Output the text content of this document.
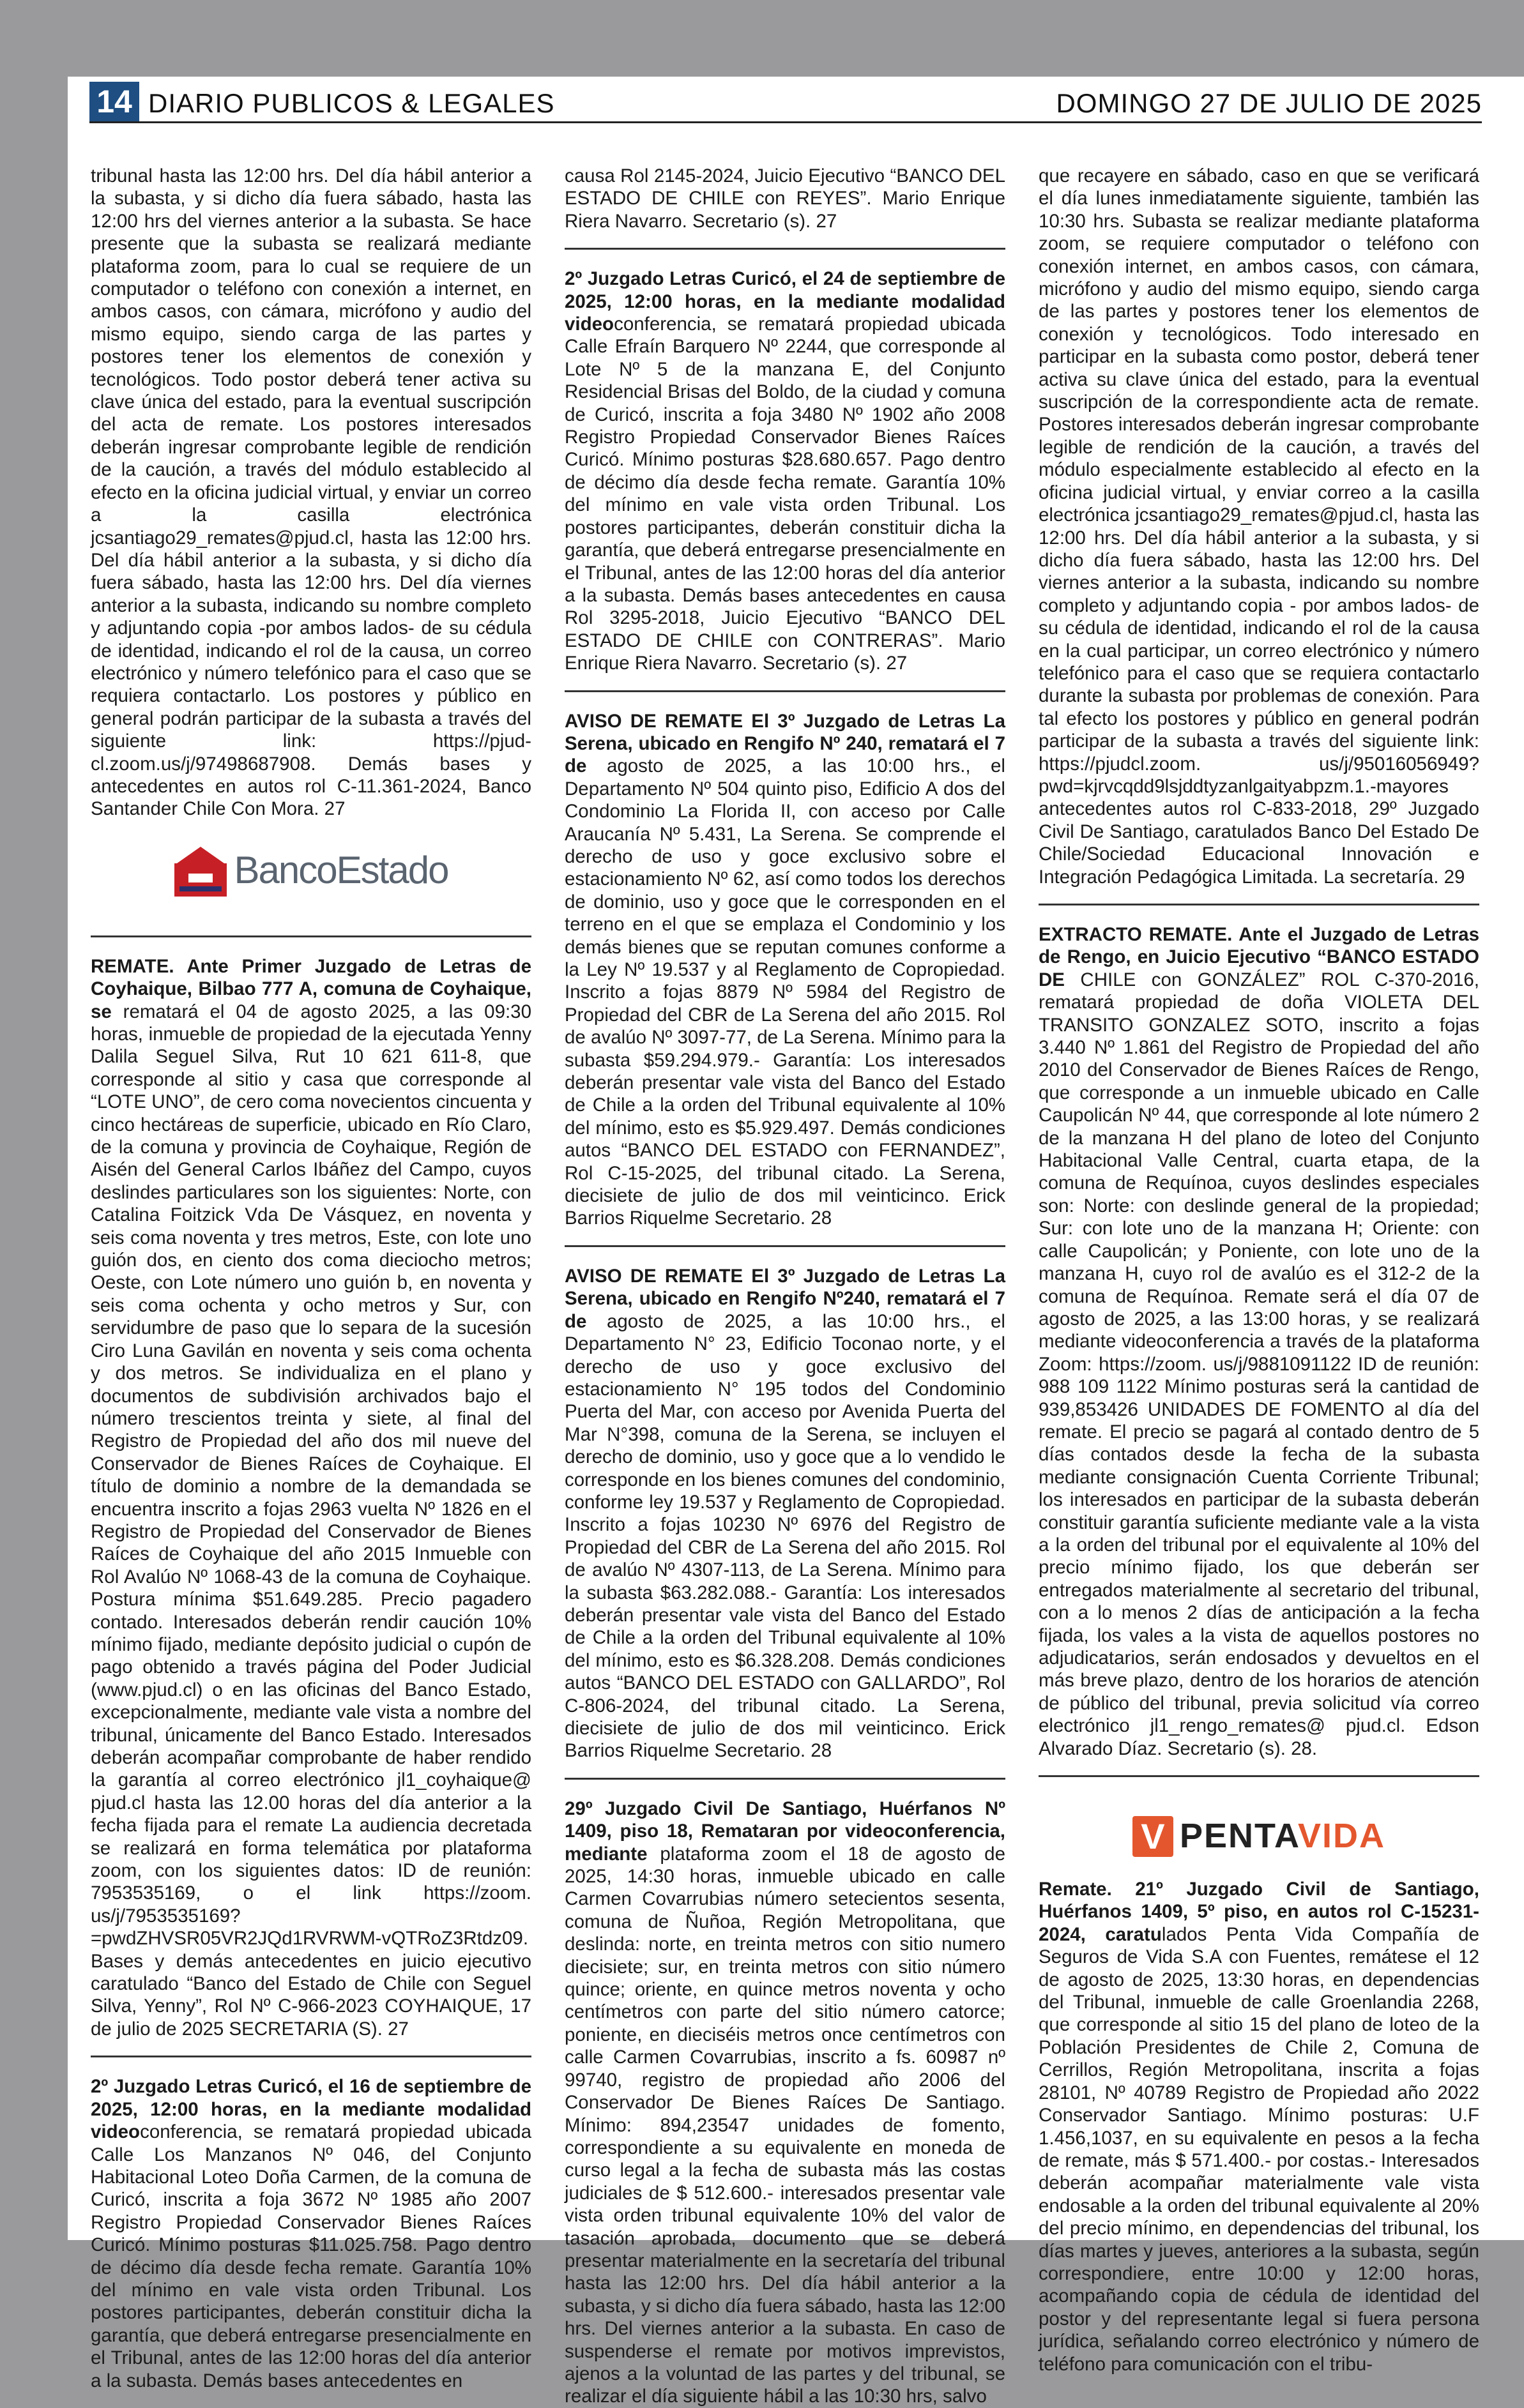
14 DIARIO PUBLICOS & LEGALES	DOMINGO 27 DE JULIO DE 2025

tribunal hasta las 12:00 hrs. Del día hábil anterior a la subasta, y si dicho día fuera sábado, hasta las 12:00 hrs del viernes anterior a la subasta. Se hace presente que la subasta se realizará mediante plataforma zoom, para lo cual se requiere de un computador o teléfono con conexión a internet, en ambos casos, con cámara, micrófono y audio del mismo equipo, siendo carga de las partes y postores tener los elementos de conexión y tecnológicos. Todo postor deberá tener activa su clave única del estado, para la eventual suscripción del acta de remate. Los postores interesados deberán ingresar comprobante legible de rendición de la caución, a través del módulo establecido al efecto en la oficina judicial virtual, y enviar un correo a la casilla electrónica jcsantiago29_remates@pjud.cl, hasta las 12:00 hrs. Del día hábil anterior a la subasta, y si dicho día fuera sábado, hasta las 12:00 hrs. Del día viernes anterior a la subasta, indicando su nombre completo y adjuntando copia -por ambos lados- de su cédula de identidad, indicando el rol de la causa, un correo electrónico y número telefónico para el caso que se requiera contactarlo. Los postores y público en general podrán participar de la subasta a través del siguiente link: https://pjud-cl.zoom.us/j/97498687908. Demás bases y antecedentes en autos rol C-11.361-2024, Banco Santander Chile Con Mora. 27

BancoEstado

REMATE. Ante Primer Juzgado de Letras de Coyhaique, Bilbao 777 A, comuna de Coyhaique, se rematará el 04 de agosto 2025, a las 09:30 horas, inmueble de propiedad de la ejecutada Yenny Dalila Seguel Silva, Rut 10 621 611-8, que corresponde al sitio y casa que corresponde al “LOTE UNO”, de cero coma novecientos cincuenta y cinco hectáreas de superficie, ubicado en Río Claro, de la comuna y provincia de Coyhaique, Región de Aisén del General Carlos Ibáñez del Campo, cuyos deslindes particulares son los siguientes: Norte, con Catalina Foitzick Vda De Vásquez, en noventa y seis coma noventa y tres metros, Este, con lote uno guión dos, en ciento dos coma dieciocho metros; Oeste, con Lote número uno guión b, en noventa y seis coma ochenta y ocho metros y Sur, con servidumbre de paso que lo separa de la sucesión Ciro Luna Gavilán en noventa y seis coma ochenta y dos metros. Se individualiza en el plano y documentos de subdivisión archivados bajo el número trescientos treinta y siete, al final del Registro de Propiedad del año dos mil nueve del Conservador de Bienes Raíces de Coyhaique. El título de dominio a nombre de la demandada se encuentra inscrito a fojas 2963 vuelta Nº 1826 en el Registro de Propiedad del Conservador de Bienes Raíces de Coyhaique del año 2015 Inmueble con Rol Avalúo Nº 1068-43 de la comuna de Coyhaique. Postura mínima $51.649.285. Precio pagadero contado. Interesados deberán rendir caución 10% mínimo fijado, mediante depósito judicial o cupón de pago obtenido a través página del Poder Judicial (www.pjud.cl) o en las oficinas del Banco Estado, excepcionalmente, mediante vale vista a nombre del tribunal, únicamente del Banco Estado. Interesados deberán acompañar comprobante de haber rendido la garantía al correo electrónico jl1_coyhaique@ pjud.cl hasta las 12.00 horas del día anterior a la fecha fijada para el remate La audiencia decretada se realizará en forma telemática por plataforma zoom, con los siguientes datos: ID de reunión: 7953535169, o el link https://zoom. us/j/7953535169?=pwdZHVSR05VR2JQd1RVRWM-vQTRoZ3Rtdz09. Bases y demás antecedentes en juicio ejecutivo caratulado “Banco del Estado de Chile con Seguel Silva, Yenny”, Rol Nº C-966-2023 COYHAIQUE, 17 de julio de 2025 SECRETARIA (S). 27

2º Juzgado Letras Curicó, el 16 de septiembre de 2025, 12:00 horas, en la mediante modalidad videoconferencia, se rematará propiedad ubicada Calle Los Manzanos Nº 046, del Conjunto Habitacional Loteo Doña Carmen, de la comuna de Curicó, inscrita a foja 3672 Nº 1985 año 2007 Registro Propiedad Conservador Bienes Raíces Curicó. Mínimo posturas $11.025.758. Pago dentro de décimo día desde fecha remate. Garantía 10% del mínimo en vale vista orden Tribunal. Los postores participantes, deberán constituir dicha la garantía, que deberá entregarse presencialmente en el Tribunal, antes de las 12:00 horas del día anterior a la subasta. Demás bases antecedentes en

causa Rol 2145-2024, Juicio Ejecutivo “BANCO DEL ESTADO DE CHILE con REYES”. Mario Enrique Riera Navarro. Secretario (s). 27

2º Juzgado Letras Curicó, el 24 de septiembre de 2025, 12:00 horas, en la mediante modalidad videoconferencia, se rematará propiedad ubicada Calle Efraín Barquero Nº 2244, que corresponde al Lote Nº 5 de la manzana E, del Conjunto Residencial Brisas del Boldo, de la ciudad y comuna de Curicó, inscrita a foja 3480 Nº 1902 año 2008 Registro Propiedad Conservador Bienes Raíces Curicó. Mínimo posturas $28.680.657. Pago dentro de décimo día desde fecha remate. Garantía 10% del mínimo en vale vista orden Tribunal. Los postores participantes, deberán constituir dicha la garantía, que deberá entregarse presencialmente en el Tribunal, antes de las 12:00 horas del día anterior a la subasta. Demás bases antecedentes en causa Rol 3295-2018, Juicio Ejecutivo “BANCO DEL ESTADO DE CHILE con CONTRERAS”. Mario Enrique Riera Navarro. Secretario (s). 27

AVISO DE REMATE El 3º Juzgado de Letras La Serena, ubicado en Rengifo Nº 240, rematará el 7 de agosto de 2025, a las 10:00 hrs., el Departamento Nº 504 quinto piso, Edificio A dos del Condominio La Florida II, con acceso por Calle Araucanía Nº 5.431, La Serena. Se comprende el derecho de uso y goce exclusivo sobre el estacionamiento Nº 62, así como todos los derechos de dominio, uso y goce que le corresponden en el terreno en el que se emplaza el Condominio y los demás bienes que se reputan comunes conforme a la Ley Nº 19.537 y al Reglamento de Copropiedad. Inscrito a fojas 8879 Nº 5984 del Registro de Propiedad del CBR de La Serena del año 2015. Rol de avalúo Nº 3097-77, de La Serena. Mínimo para la subasta $59.294.979.- Garantía: Los interesados deberán presentar vale vista del Banco del Estado de Chile a la orden del Tribunal equivalente al 10% del mínimo, esto es $5.929.497. Demás condiciones autos “BANCO DEL ESTADO con FERNANDEZ”, Rol C-15-2025, del tribunal citado. La Serena, diecisiete de julio de dos mil veinticinco. Erick Barrios Riquelme Secretario. 28

AVISO DE REMATE El 3º Juzgado de Letras La Serena, ubicado en Rengifo Nº240, rematará el 7 de agosto de 2025, a las 10:00 hrs., el Departamento N° 23, Edificio Toconao norte, y el derecho de uso y goce exclusivo del estacionamiento N° 195 todos del Condominio Puerta del Mar, con acceso por Avenida Puerta del Mar N°398, comuna de la Serena, se incluyen el derecho de dominio, uso y goce que a lo vendido le corresponde en los bienes comunes del condominio, conforme ley 19.537 y Reglamento de Copropiedad. Inscrito a fojas 10230 Nº 6976 del Registro de Propiedad del CBR de La Serena del año 2015. Rol de avalúo Nº 4307-113, de La Serena. Mínimo para la subasta $63.282.088.- Garantía: Los interesados deberán presentar vale vista del Banco del Estado de Chile a la orden del Tribunal equivalente al 10% del mínimo, esto es $6.328.208. Demás condiciones autos “BANCO DEL ESTADO con GALLARDO”, Rol C-806-2024, del tribunal citado. La Serena, diecisiete de julio de dos mil veinticinco. Erick Barrios Riquelme Secretario. 28

29º Juzgado Civil De Santiago, Huérfanos Nº 1409, piso 18, Remataran por videoconferencia, mediante plataforma zoom el 18 de agosto de 2025, 14:30 horas, inmueble ubicado en calle Carmen Covarrubias número setecientos sesenta, comuna de Ñuñoa, Región Metropolitana, que deslinda: norte, en treinta metros con sitio numero diecisiete; sur, en treinta metros con sitio número quince; oriente, en quince metros noventa y ocho centímetros con parte del sitio número catorce; poniente, en dieciséis metros once centímetros con calle Carmen Covarrubias, inscrito a fs. 60987 nº 99740, registro de propiedad año 2006 del Conservador De Bienes Raíces De Santiago. Mínimo: 894,23547 unidades de fomento, correspondiente a su equivalente en moneda de curso legal a la fecha de subasta más las costas judiciales de $ 512.600.- interesados presentar vale vista orden tribunal equivalente 10% del valor de tasación aprobada, documento que se deberá presentar materialmente en la secretaría del tribunal hasta las 12:00 hrs. Del día hábil anterior a la subasta, y si dicho día fuera sábado, hasta las 12:00 hrs. Del viernes anterior a la subasta. En caso de suspenderse el remate por motivos imprevistos, ajenos a la voluntad de las partes y del tribunal, se realizar el día siguiente hábil a las 10:30 hrs, salvo

que recayere en sábado, caso en que se verificará el día lunes inmediatamente siguiente, también las 10:30 hrs. Subasta se realizar mediante plataforma zoom, se requiere computador o teléfono con conexión internet, en ambos casos, con cámara, micrófono y audio del mismo equipo, siendo carga de las partes y postores tener los elementos de conexión y tecnológicos. Todo interesado en participar en la subasta como postor, deberá tener activa su clave única del estado, para la eventual suscripción de la correspondiente acta de remate. Postores interesados deberán ingresar comprobante legible de rendición de la caución, a través del módulo especialmente establecido al efecto en la oficina judicial virtual, y enviar correo a la casilla electrónica jcsantiago29_remates@pjud.cl, hasta las 12:00 hrs. Del día hábil anterior a la subasta, y si dicho día fuera sábado, hasta las 12:00 hrs. Del viernes anterior a la subasta, indicando su nombre completo y adjuntando copia - por ambos lados- de su cédula de identidad, indicando el rol de la causa en la cual participar, un correo electrónico y número telefónico para el caso que se requiera contactarlo durante la subasta por problemas de conexión. Para tal efecto los postores y público en general podrán participar de la subasta a través del siguiente link: https://pjudcl.zoom. us/j/95016056949?pwd=kjrvcqdd9lsjddtyzanlgaityabpzm.1.-mayores antecedentes autos rol C-833-2018, 29º Juzgado Civil De Santiago, caratulados Banco Del Estado De Chile/Sociedad Educacional Innovación e Integración Pedagógica Limitada. La secretaría. 29

EXTRACTO REMATE. Ante el Juzgado de Letras de Rengo, en Juicio Ejecutivo “BANCO ESTADO DE CHILE con GONZÁLEZ” ROL C-370-2016, rematará propiedad de doña VIOLETA DEL TRANSITO GONZALEZ SOTO, inscrito a fojas 3.440 Nº 1.861 del Registro de Propiedad del año 2010 del Conservador de Bienes Raíces de Rengo, que corresponde a un inmueble ubicado en Calle Caupolicán Nº 44, que corresponde al lote número 2 de la manzana H del plano de loteo del Conjunto Habitacional Valle Central, cuarta etapa, de la comuna de Requínoa, cuyos deslindes especiales son: Norte: con deslinde general de la propiedad; Sur: con lote uno de la manzana H; Oriente: con calle Caupolicán; y Poniente, con lote uno de la manzana H, cuyo rol de avalúo es el 312-2 de la comuna de Requínoa. Remate será el día 07 de agosto de 2025, a las 13:00 horas, y se realizará mediante videoconferencia a través de la plataforma Zoom: https://zoom. us/j/9881091122 ID de reunión: 988 109 1122 Mínimo posturas será la cantidad de 939,853426 UNIDADES DE FOMENTO al día del remate. El precio se pagará al contado dentro de 5 días contados desde la fecha de la subasta mediante consignación Cuenta Corriente Tribunal; los interesados en participar de la subasta deberán constituir garantía suficiente mediante vale a la vista a la orden del tribunal por el equivalente al 10% del precio mínimo fijado, los que deberán ser entregados materialmente al secretario del tribunal, con a lo menos 2 días de anticipación a la fecha fijada, los vales a la vista de aquellos postores no adjudicatarios, serán endosados y devueltos en el más breve plazo, dentro de los horarios de atención de público del tribunal, previa solicitud vía correo electrónico jl1_rengo_remates@ pjud.cl. Edson Alvarado Díaz. Secretario (s). 28.

V PENTAVIDA

Remate. 21º Juzgado Civil de Santiago, Huérfanos 1409, 5º piso, en autos rol C-15231-2024, caratulados Penta Vida Compañía de Seguros de Vida S.A con Fuentes, remátese el 12 de agosto de 2025, 13:30 horas, en dependencias del Tribunal, inmueble de calle Groenlandia 2268, que corresponde al sitio 15 del plano de loteo de la Población Presidentes de Chile 2, Comuna de Cerrillos, Región Metropolitana, inscrita a fojas 28101, Nº 40789 Registro de Propiedad año 2022 Conservador Santiago. Mínimo posturas: U.F 1.456,1037, en su equivalente en pesos a la fecha de remate, más $ 571.400.- por costas.- Interesados deberán acompañar materialmente vale vista endosable a la orden del tribunal equivalente al 20% del precio mínimo, en dependencias del tribunal, los días martes y jueves, anteriores a la subasta, según correspondiere, entre 10:00 y 12:00 horas, acompañando copia de cédula de identidad del postor y del representante legal si fuera persona jurídica, señalando correo electrónico y número de teléfono para comunicación con el tribu-
